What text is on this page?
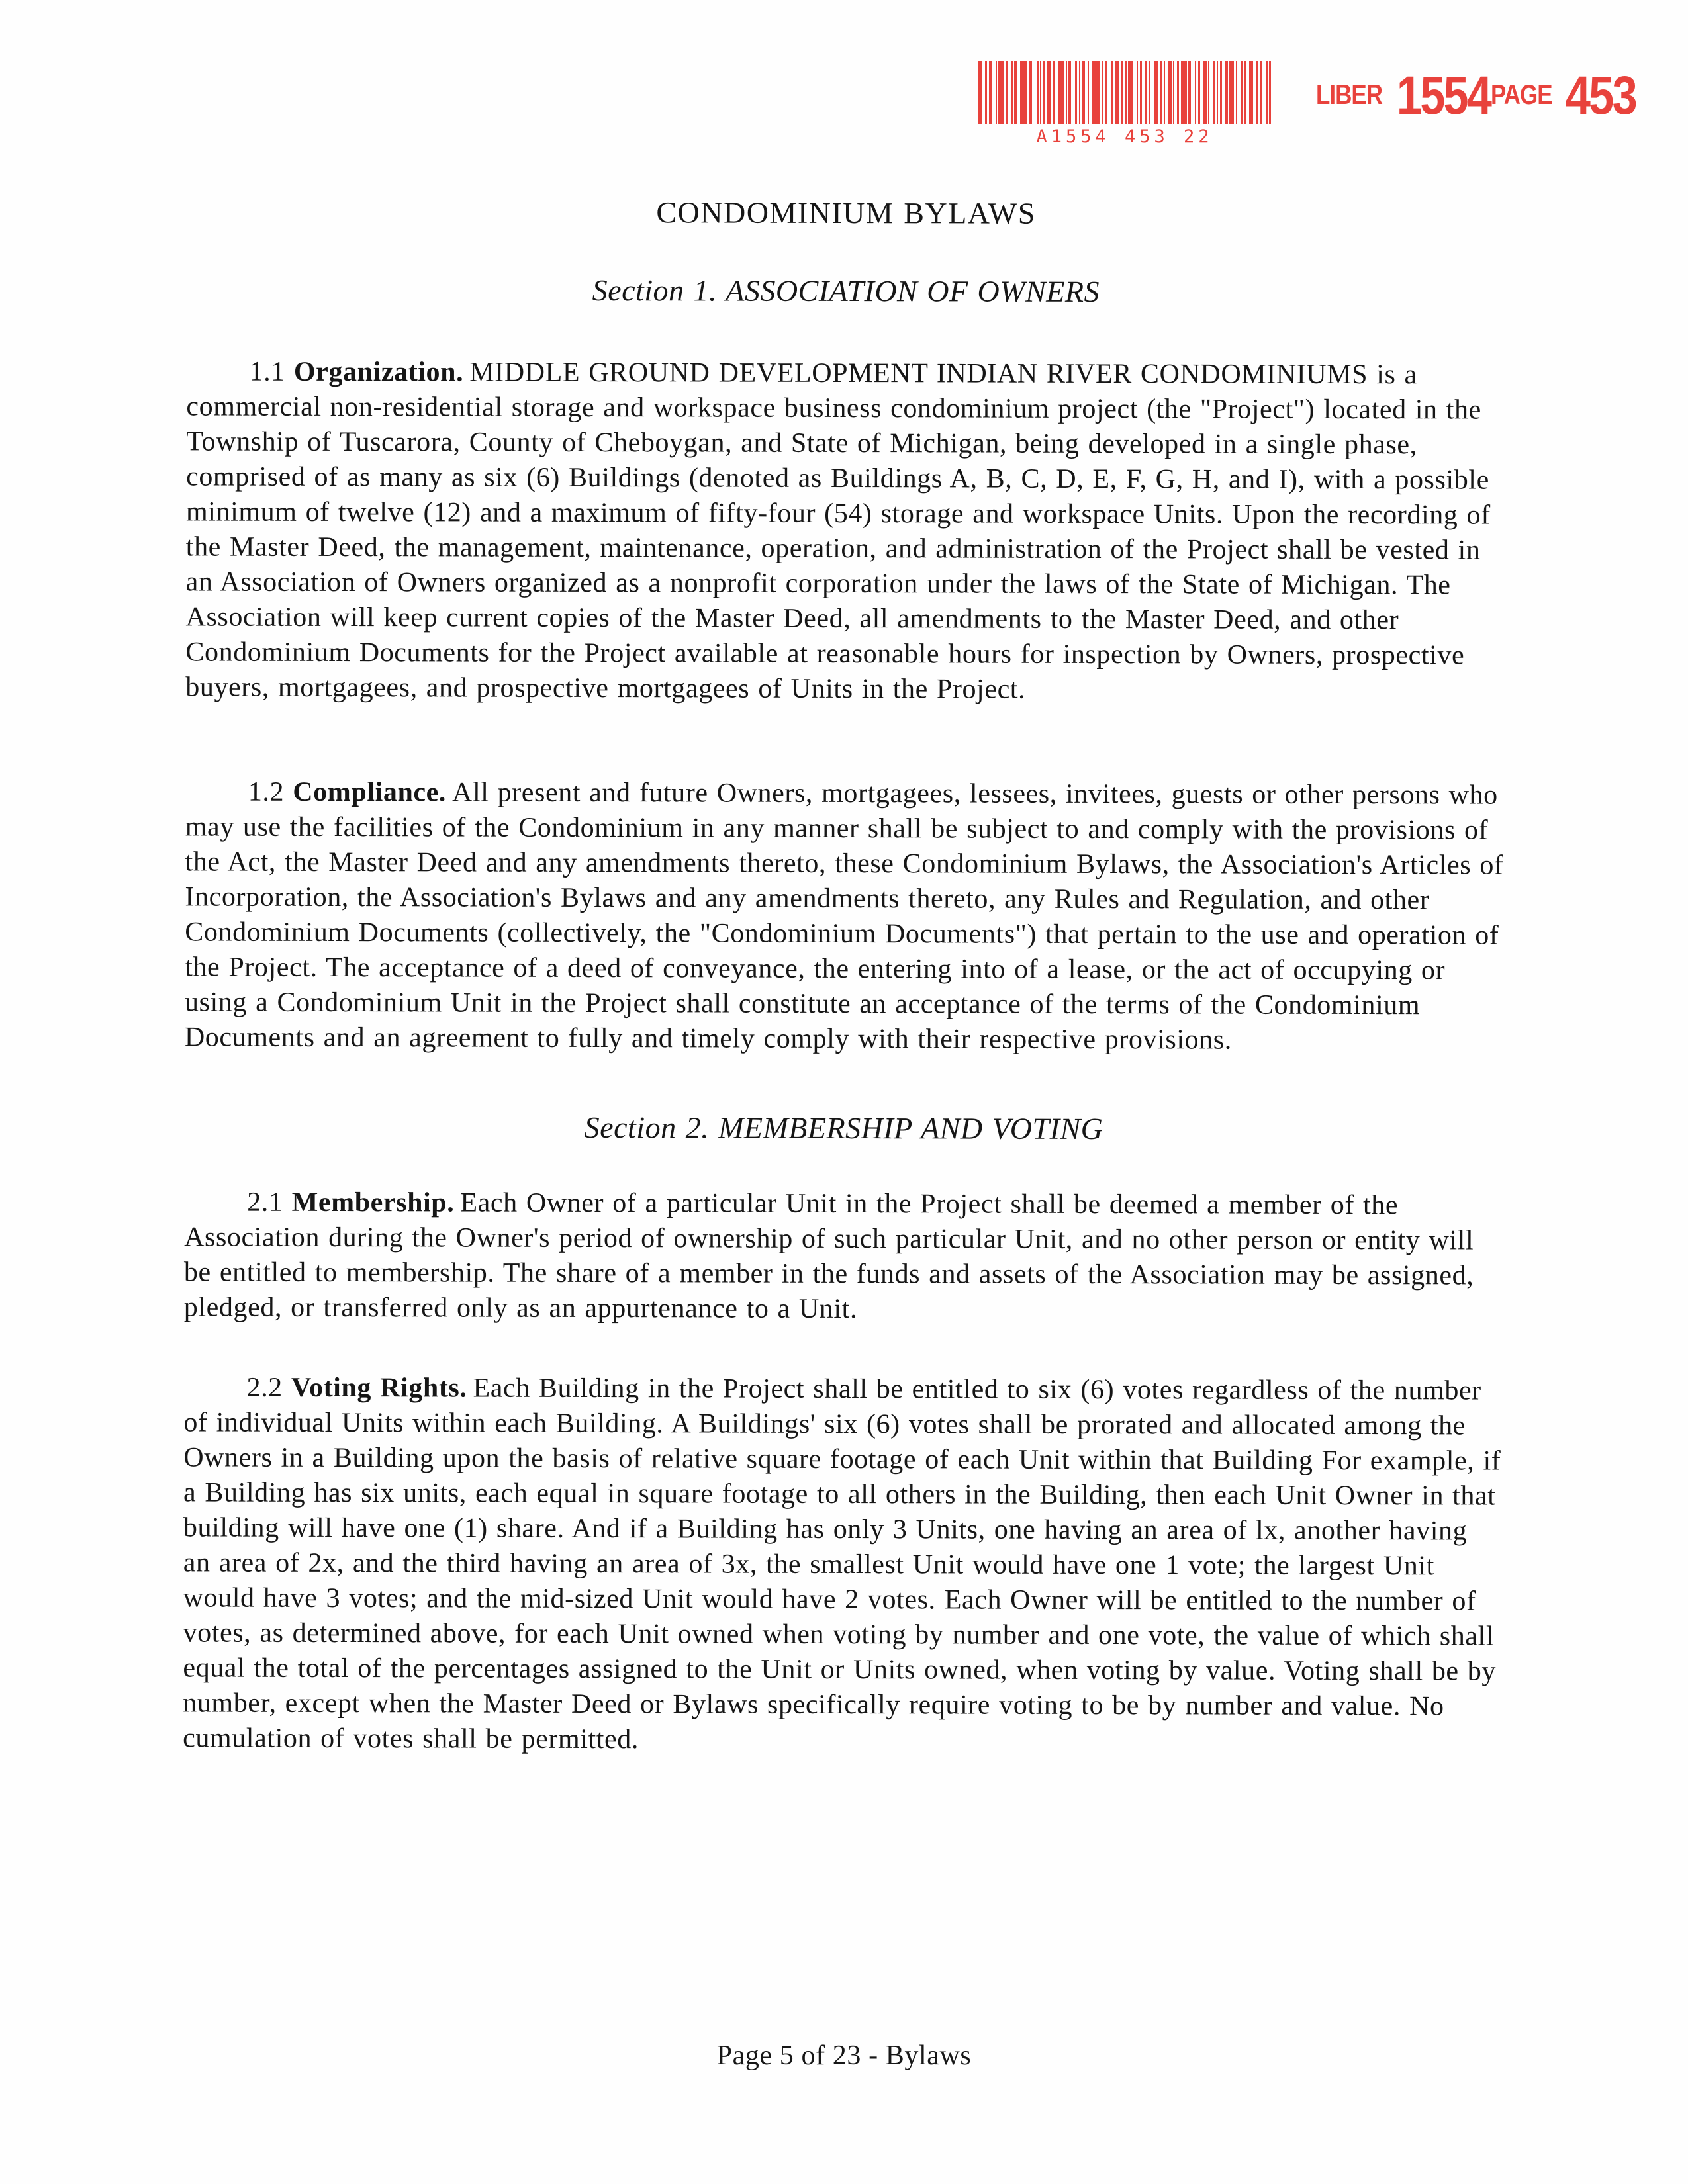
A1554 453 22
LIBER 1554 PAGE 453
CONDOMINIUM BYLAWS
Section 1. ASSOCIATION OF OWNERS

1.1 Organization. MIDDLE GROUND DEVELOPMENT INDIAN RIVER CONDOMINIUMS is a commercial non-residential storage and workspace business condominium project (the "Project") located in the Township of Tuscarora, County of Cheboygan, and State of Michigan, being developed in a single phase, comprised of as many as six (6) Buildings (denoted as Buildings A, B, C, D, E, F, G, H, and I), with a possible minimum of twelve (12) and a maximum of fifty-four (54) storage and workspace Units. Upon the recording of the Master Deed, the management, maintenance, operation, and administration of the Project shall be vested in an Association of Owners organized as a nonprofit corporation under the laws of the State of Michigan. The Association will keep current copies of the Master Deed, all amendments to the Master Deed, and other Condominium Documents for the Project available at reasonable hours for inspection by Owners, prospective buyers, mortgagees, and prospective mortgagees of Units in the Project.

1.2 Compliance. All present and future Owners, mortgagees, lessees, invitees, guests or other persons who may use the facilities of the Condominium in any manner shall be subject to and comply with the provisions of the Act, the Master Deed and any amendments thereto, these Condominium Bylaws, the Association's Articles of Incorporation, the Association's Bylaws and any amendments thereto, any Rules and Regulation, and other Condominium Documents (collectively, the "Condominium Documents") that pertain to the use and operation of the Project. The acceptance of a deed of conveyance, the entering into of a lease, or the act of occupying or using a Condominium Unit in the Project shall constitute an acceptance of the terms of the Condominium Documents and an agreement to fully and timely comply with their respective provisions.

Section 2. MEMBERSHIP AND VOTING

2.1 Membership. Each Owner of a particular Unit in the Project shall be deemed a member of the Association during the Owner's period of ownership of such particular Unit, and no other person or entity will be entitled to membership. The share of a member in the funds and assets of the Association may be assigned, pledged, or transferred only as an appurtenance to a Unit.

2.2 Voting Rights. Each Building in the Project shall be entitled to six (6) votes regardless of the number of individual Units within each Building. A Buildings' six (6) votes shall be prorated and allocated among the Owners in a Building upon the basis of relative square footage of each Unit within that Building For example, if a Building has six units, each equal in square footage to all others in the Building, then each Unit Owner in that building will have one (1) share. And if a Building has only 3 Units, one having an area of lx, another having an area of 2x, and the third having an area of 3x, the smallest Unit would have one 1 vote; the largest Unit would have 3 votes; and the mid-sized Unit would have 2 votes. Each Owner will be entitled to the number of votes, as determined above, for each Unit owned when voting by number and one vote, the value of which shall equal the total of the percentages assigned to the Unit or Units owned, when voting by value. Voting shall be by number, except when the Master Deed or Bylaws specifically require voting to be by number and value. No cumulation of votes shall be permitted.

Page 5 of 23 - Bylaws
